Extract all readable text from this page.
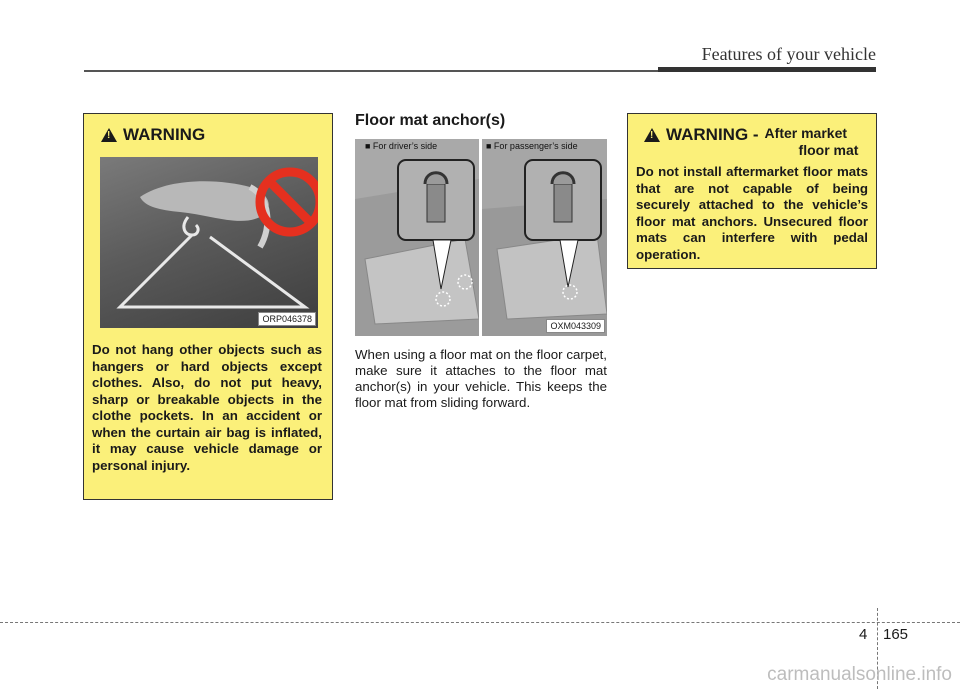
Features of your vehicle
!
WARNING
ORP046378
Do not hang other objects such as hangers or hard objects except clothes. Also, do not put heavy, sharp or breakable objects in the clothe pockets. In an accident or when the curtain air bag is inflated, it may cause vehicle damage or personal injury.
Floor mat anchor(s)
■ For driver’s side	■ For passenger’s side
OXM043309
When using a floor mat on the floor carpet, make sure it attaches to the floor mat anchor(s) in your vehicle. This keeps the floor mat from sliding forward.
!
WARNING - After market
floor mat
Do not install aftermarket floor mats that are not capable of being securely attached to the vehicle’s floor mat anchors. Unsecured floor mats can interfere with pedal operation.
4 165
carmanualsonline.info
